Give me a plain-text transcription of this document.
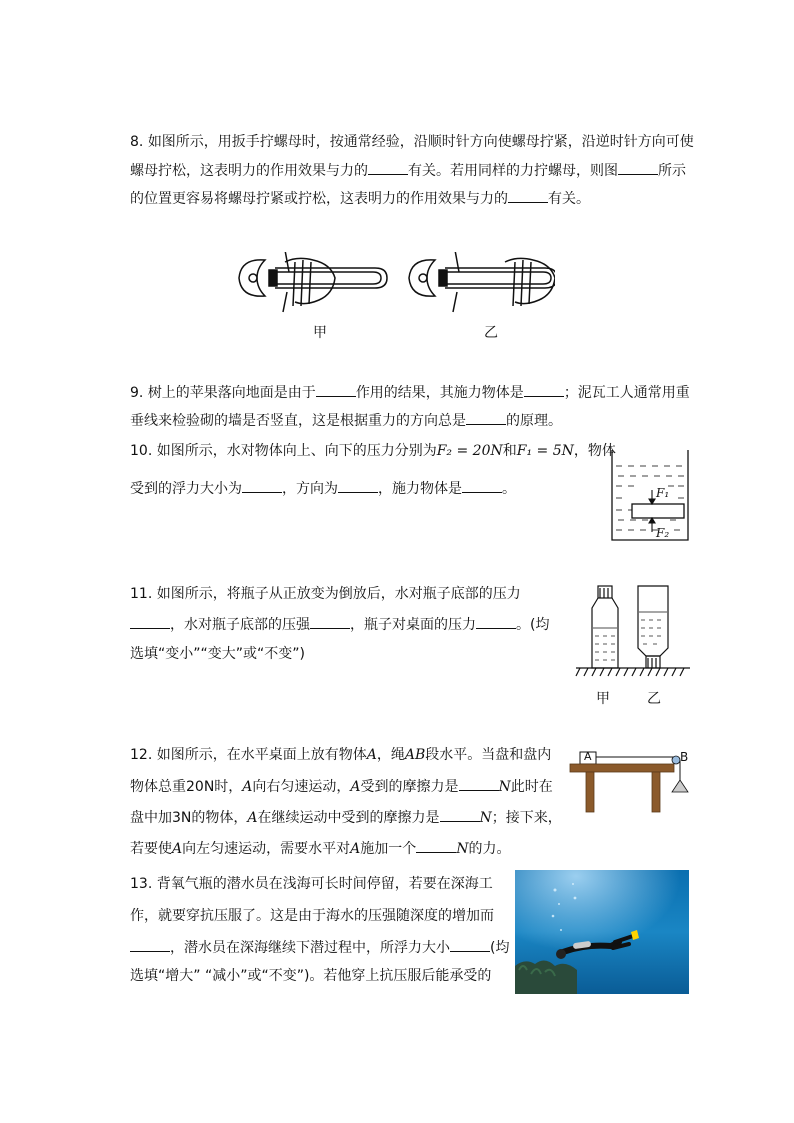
8. 如图所示，用扳手拧螺母时，按通常经验，沿顺时针方向使螺母拧紧，沿逆时针方向可使
螺母拧松，这表明力的作用效果与力的	有关。若用同样的力拧螺母，则图	所示
的位置更容易将螺母拧紧或拧松，这表明力的作用效果与力的	有关。
甲	乙
9. 树上的苹果落向地面是由于	作用的结果，其施力物体是	；泥瓦工人通常用重
垂线来检验砌的墙是否竖直，这是根据重力的方向总是	的原理。
10. 如图所示，水对物体向上、向下的压力分别为F₂ = 20N和F₁ = 5N，物体
受到的浮力大小为	，方向为	，施力物体是	。	F₁
F₂
11. 如图所示，将瓶子从正放变为倒放后，水对瓶子底部的压力
，水对瓶子底部的压强	，瓶子对桌面的压力	。(均
选填“变小”“变大”或“不变”)
甲	乙
12. 如图所示，在水平桌面上放有物体A，绳AB段水平。当盘和盘内
物体总重20N时，A向右匀速运动，A受到的摩擦力是	N此时在
盘中加3N的物体，A在继续运动中受到的摩擦力是	N；接下来，
若要使A向左匀速运动，需要水平对A施加一个	N的力。
A	B
13. 背氧气瓶的潜水员在浅海可长时间停留，若要在深海工
作，就要穿抗压服了。这是由于海水的压强随深度的增加而
，潜水员在深海继续下潜过程中，所浮力大小	(均
选填“增大” “减小”或“不变”)。若他穿上抗压服后能承受的
